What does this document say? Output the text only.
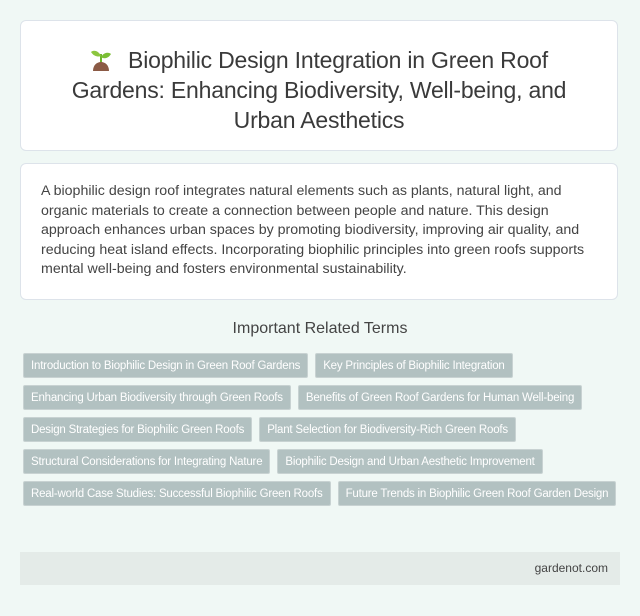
Biophilic Design Integration in Green Roof Gardens: Enhancing Biodiversity, Well-being, and Urban Aesthetics

A biophilic design roof integrates natural elements such as plants, natural light, and organic materials to create a connection between people and nature. This design approach enhances urban spaces by promoting biodiversity, improving air quality, and reducing heat island effects. Incorporating biophilic principles into green roofs supports mental well-being and fosters environmental sustainability.

Important Related Terms
Introduction to Biophilic Design in Green Roof Gardens	Key Principles of Biophilic Integration
Enhancing Urban Biodiversity through Green Roofs	Benefits of Green Roof Gardens for Human Well-being
Design Strategies for Biophilic Green Roofs	Plant Selection for Biodiversity-Rich Green Roofs
Structural Considerations for Integrating Nature	Biophilic Design and Urban Aesthetic Improvement
Real-world Case Studies: Successful Biophilic Green Roofs	Future Trends in Biophilic Green Roof Garden Design
gardenot.com
